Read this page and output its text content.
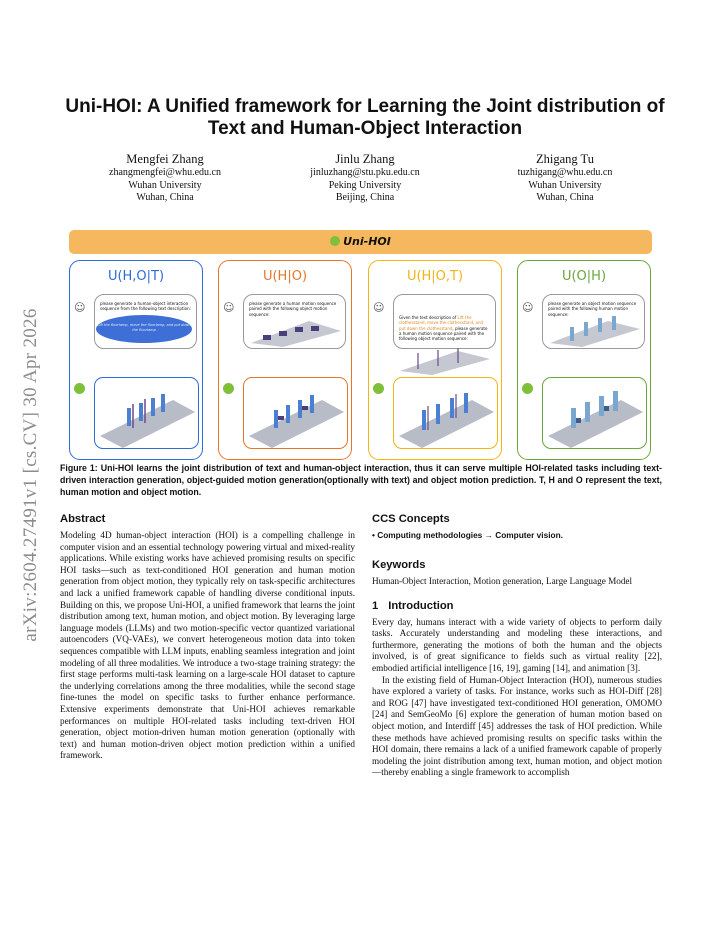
arXiv:2604.27491v1 [cs.CV] 30 Apr 2026
Uni-HOI: A Unified framework for Learning the Joint distribution of Text and Human-Object Interaction
Mengfei Zhang
zhangmengfei@whu.edu.cn
Wuhan University
Wuhan, China
Jinlu Zhang
jinluzhang@stu.pku.edu.cn
Peking University
Beijing, China
Zhigang Tu
tuzhigang@whu.edu.cn
Wuhan University
Wuhan, China
Uni-HOI
U(H,O|T)
☺	please generate a human-object interaction sequence from the following text description:
Lift the floorlamp, move the floorlamp, and put down the floorlamp
U(H|O)
☺	please generate a human motion sequence paired with the following object motion sequence:
U(H|O,T)
☺
Given the text description of Lift the clothesstand, move the clothesstand, and put down the clothesstand, please generate a human motion sequence paired with the following object motion sequence:
U(O|H)
☺	please generate an object motion sequence paired with the following human motion sequence:
Figure 1: Uni-HOI learns the joint distribution of text and human-object interaction, thus it can serve multiple HOI-related tasks including text-driven interaction generation, object-guided motion generation(optionally with text) and object motion prediction. T, H and O represent the text, human motion and object motion.
Abstract

Modeling 4D human-object interaction (HOI) is a compelling challenge in computer vision and an essential technology powering virtual and mixed-reality applications. While existing works have achieved promising results on specific HOI tasks—such as text-conditioned HOI generation and human motion generation from object motion, they typically rely on task-specific architectures and lack a unified framework capable of handling diverse conditional inputs. Building on this, we propose Uni-HOI, a unified framework that learns the joint distribution among text, human motion, and object motion. By leveraging large language models (LLMs) and two motion-specific vector quantized variational autoencoders (VQ-VAEs), we convert heterogeneous motion data into token sequences compatible with LLM inputs, enabling seamless integration and joint modeling of all three modalities. We introduce a two-stage training strategy: the first stage performs multi-task learning on a large-scale HOI dataset to capture the underlying correlations among the three modalities, while the second stage fine-tunes the model on specific tasks to further enhance performance. Extensive experiments demonstrate that Uni-HOI achieves remarkable performances on multiple HOI-related tasks including text-driven HOI generation, object motion-driven human motion generation (optionally with text) and human motion-driven object motion prediction within a unified framework.

CCS Concepts

• Computing methodologies → Computer vision.

Keywords

Human-Object Interaction, Motion generation, Large Language Model

1 Introduction

Every day, humans interact with a wide variety of objects to perform daily tasks. Accurately understanding and modeling these interactions, and furthermore, generating the motions of both the human and the objects involved, is of great significance to fields such as virtual reality [22], embodied artificial intelligence [16, 19], gaming [14], and animation [3].

In the existing field of Human-Object Interaction (HOI), numerous studies have explored a variety of tasks. For instance, works such as HOI-Diff [28] and ROG [47] have investigated text-conditioned HOI generation, OMOMO [24] and SemGeoMo [6] explore the generation of human motion based on object motion, and Interdiff [45] addresses the task of HOI prediction. While these methods have achieved promising results on specific tasks within the HOI domain, there remains a lack of a unified framework capable of properly modeling the joint distribution among text, human motion, and object motion—thereby enabling a single framework to accomplish
